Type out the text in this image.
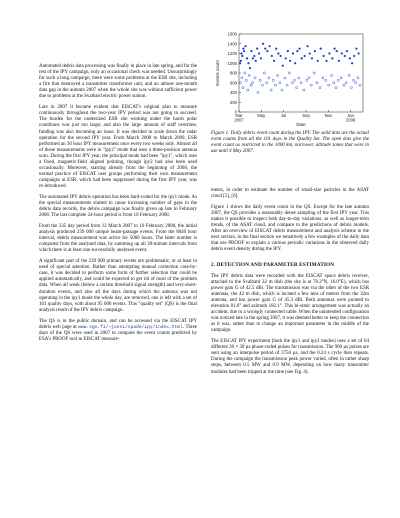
Automated debris data processing was finally in place in late spring, and for the rest of the IPY campaign, only an occasional check was needed. Unsurprisingly for such a long campaign, there were some problems at the ESR site, including a fire that destroyed a transmitter transformer unit, and an almost one-month data gap in the autumn 2007 when the whole site was without sufficient power due to problems at the Svalbard electric power station.

Late in 2007 it became evident that EISCAT's original plan to measure continuously throughout the two-year IPY period was not going to succeed. The burden for the undersized ESR site working under the harsh polar conditions was just too large; and also the large amount of staff overtime, funding was also becoming an issue. It was decided to scale down the radar operation for the second IPY year. From March 2008 to March 2009, ESR performed an 30 hour IPY measurement once every two weeks only. Almost all of those measurements were in "ipy2" mode that uses a three-position antenna scan. During the first IPY year, the principal mode had been "ipy1", which uses a fixed, magnetic-field aligned pointing, though ipy2 had also been used occasionally. Moreover, starting already from the beginning of 2008, the normal practice of EISCAT user groups performing their own measurement campaigns at ESR, which had been suppressed during the first IPY year, was re-introduced.

The automated IPY debris operation has been hard-coded for the ipy1 mode. As the special measurements started to cause increasing number of gaps in the debris data records, the debris campaign was finally given up late in February 2008. The last complete 24-hour period is from 10 February 2008.

From the 335 day period from 12 March 2007 to 10 February 2008, the initial analysis produced 239 000 unique beam-passage events. From the 8040 hour interval, debris measurement was active for 5060 hours. The latter number is computed from the analysed data, by summing up all 30-minute intervals from which there is at least one successfully analysed event.

A significant part of the 239 000 primary events are problematic, or at least in need of special attention. Rather than attempting manual correction case-by-case, it was decided to perform some form of further selection that could be applied automatically, and could be expected to get rid of most of the problem data. When all weak (below a certain threshold signal strength) and very-short-duration events, and also all the days during which the antenna was not operating in the ipy1 mode the whole day, are removed, one is left with a set of 101 quality days, with about 95 000 events. This "quality set" (QS) is the final analysis result of the IPY debris campaign.

The QS is in the public domain, and can be accessed via the EISCAT IPY debris web page at www.sgo.fi/~jussi/spade/ipy/index.html. Three days of the QS were used in 2007 to compare the event counts predicted by ESA's PROOF tool to EISCAT measure-

1600
1400
1200
1000
800
600
400
200
0
Mar
2007
May	Jul	Sep	Nov	Jan
2008
Events count
Date
Figure 1. Daily debris event count during the IPY. The solid dots are the actual event counts from all the 101 days in the Quality Set. The open dots give the event count as restricted to the 1000 km, narrower, altitude zones that were in use until 4 May 2007.

ments, in order to estimate the number of small-size particles in the ASAT cloud [5], [6].

Figure 1 shows the daily event count in the QS. Except for the late autumn 2007, the QS provides a reasonably dense sampling of the first IPY year. This makes it possible to inspect both day-to-day variations, as well as longer-term trends, of the ASAT cloud, and compare to the predictions of debris models. After an overview of EISCAT debris measurement and analysis scheme in the next section, in the final section we tentatively a few examples of the daily data that use PROOF to explain a various periodic variations in the observed daily debris event density during the IPY.

2. DETECTION AND PARAMETER ESTIMATION

The IPY debris data were recorded with the EISCAT space debris receiver, attached to the Svalbard 32 m dish (the site is at 78.2°N, 16.0°E), which has power gain G of 42.5 dBi. The transmission was via the other of the two ESR antennas, the 42 m dish, which is located a few tens of meters from the 32m antenna, and has power gain G of 45.3 dBi. Both antennas were pointed to elevation 81.6° and azimuth 182.1°. This bi-static arrangement was actually an accident, due to a wrongly connected cable. When the unintended configuration was noticed late in the spring 2007, it was deemed better to keep the connection as it was, rather than to change an important parameter in the middle of the campaign.

The EISCAT IPY experiment (both the ipy1 and ipy2 modes) uses a set of 64 different 30 × 30 µs phase-coded pulses for transmission. The 900 µs pulses are sent using an interpulse period of 3750 µs, and the 0.24 s cycle then repeats. During the campaign the transmission peak power varied, often in rather sharp steps, between 0.5 MW and 0.9 MW, depending on how many transmitter modules had been tripped at the time (see Fig. 4).
